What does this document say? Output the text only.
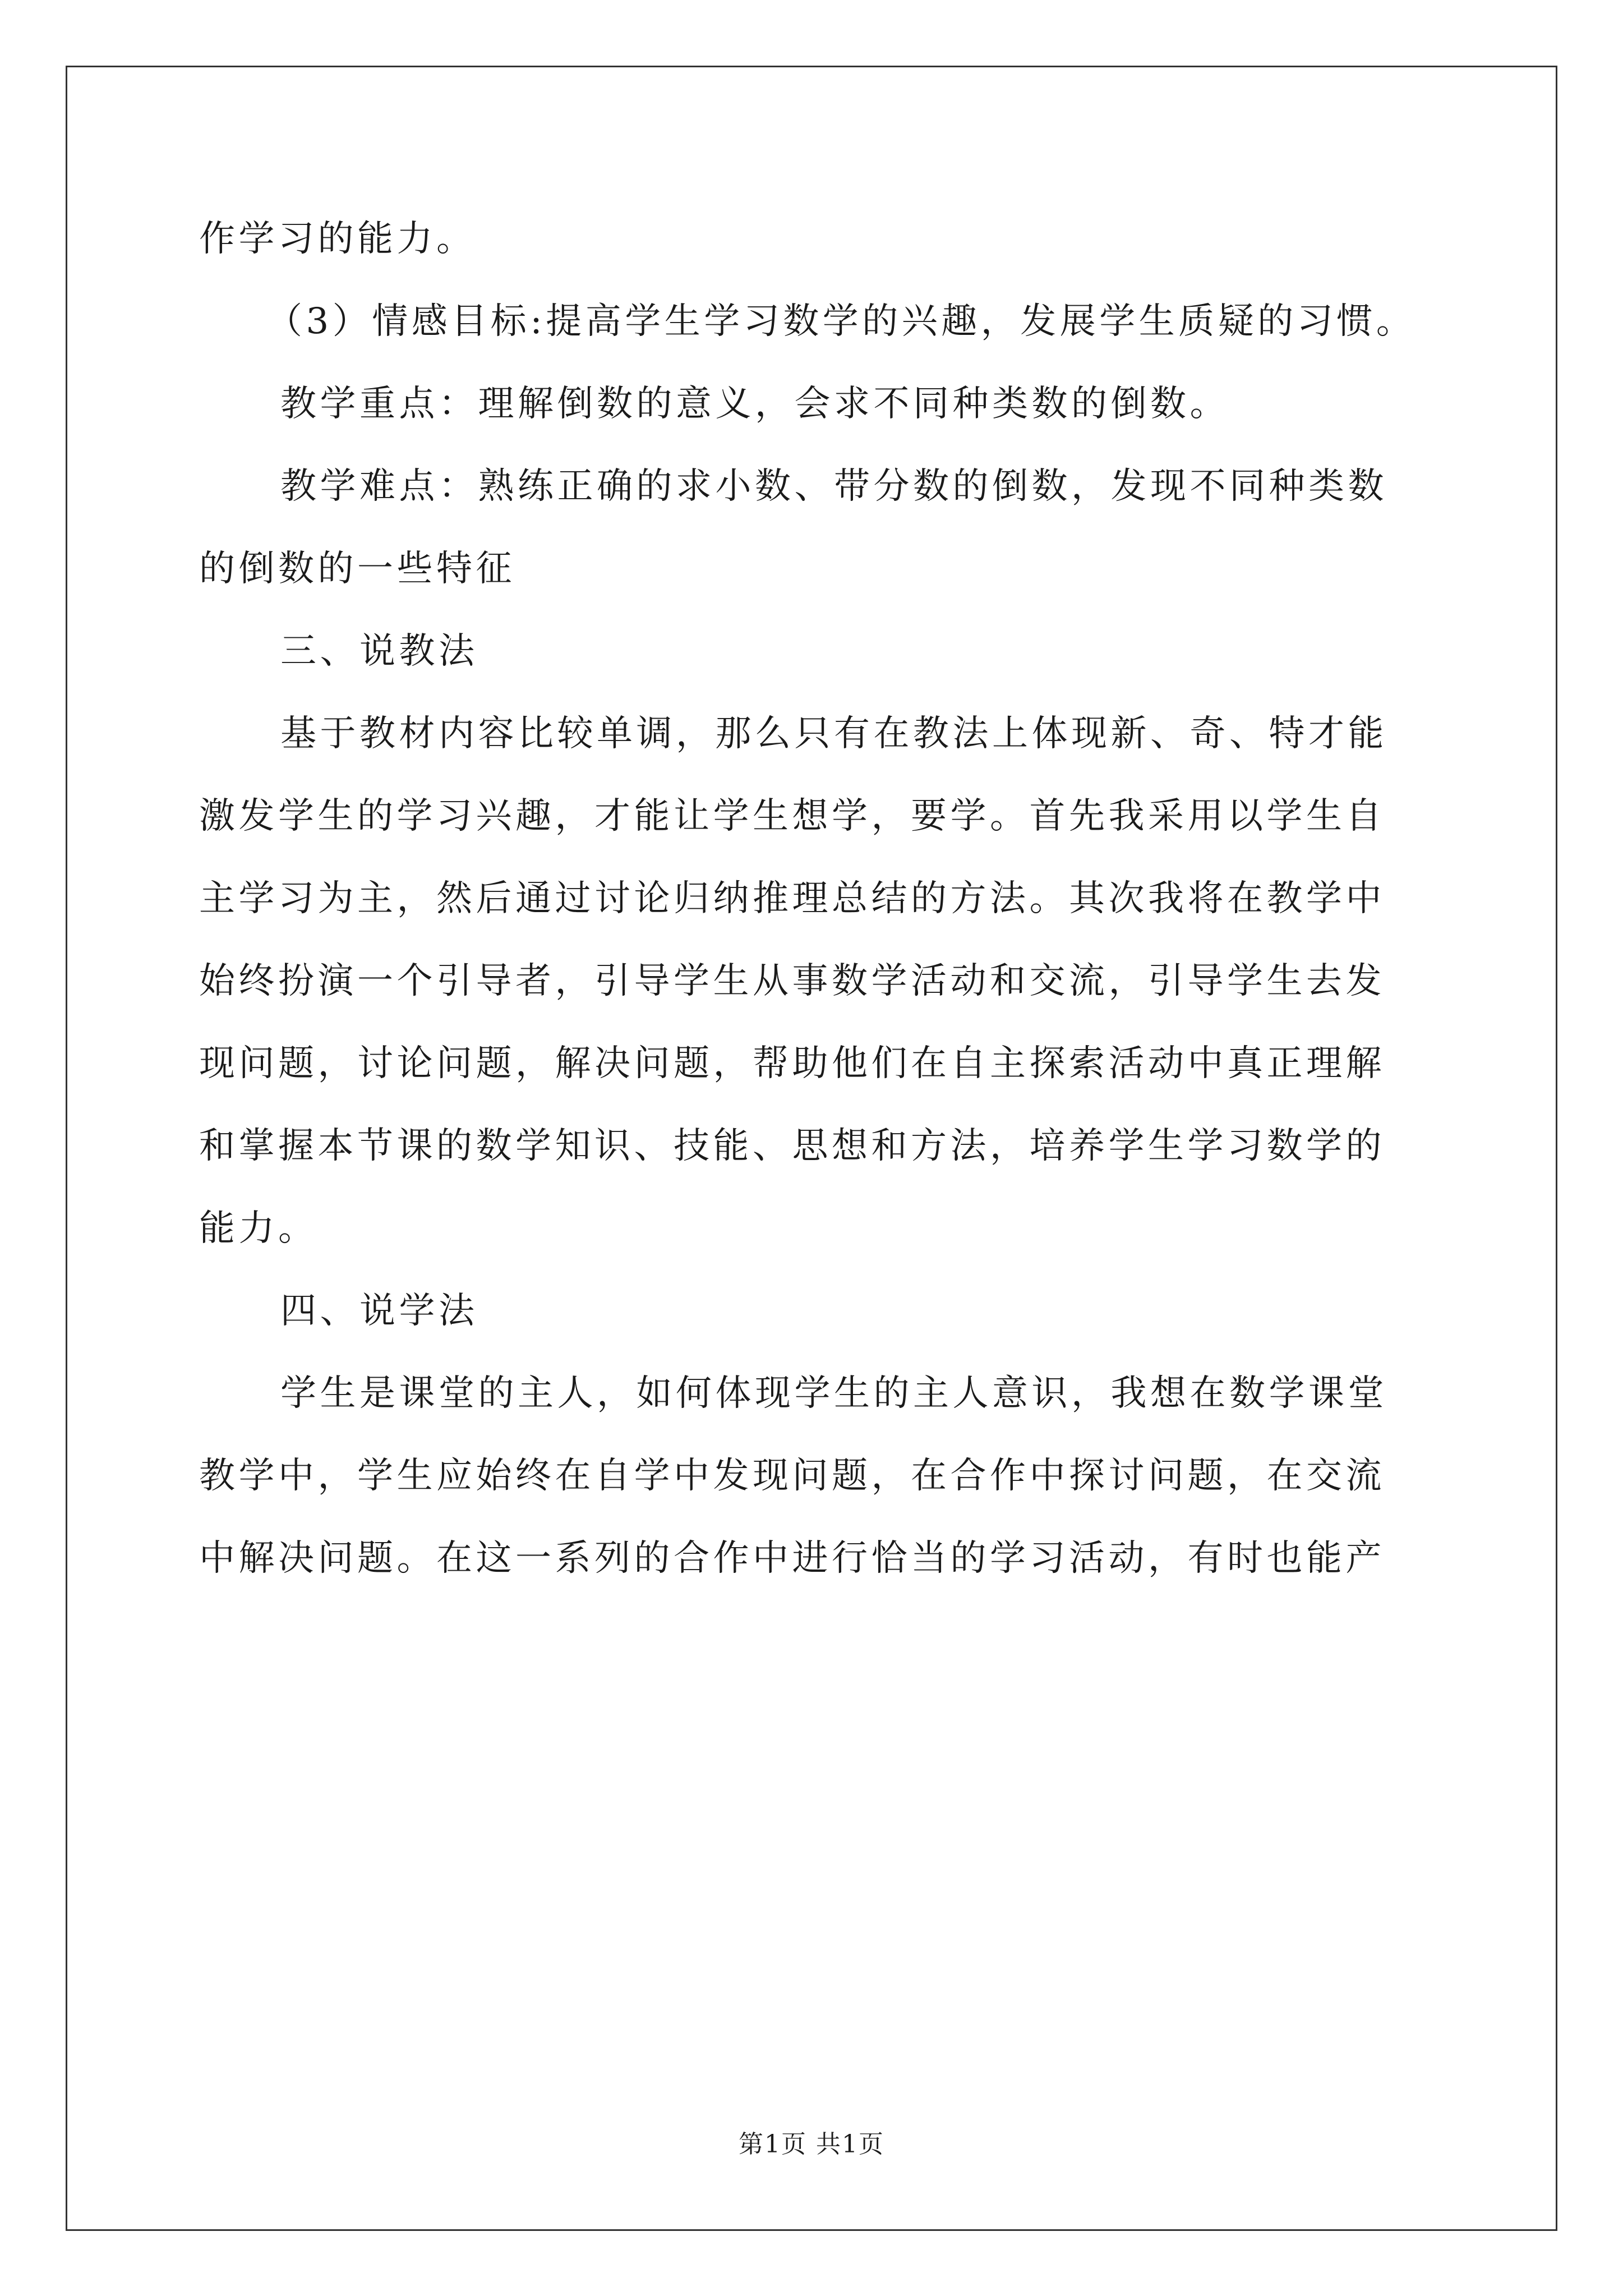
作学习的能力。
（3）情感目标:提高学生学习数学的兴趣，发展学生质疑的习惯。
教学重点：理解倒数的意义，会求不同种类数的倒数。
教学难点：熟练正确的求小数、带分数的倒数，发现不同种类数
的倒数的一些特征
三、说教法
基于教材内容比较单调，那么只有在教法上体现新、奇、特才能
激发学生的学习兴趣，才能让学生想学，要学。首先我采用以学生自
主学习为主，然后通过讨论归纳推理总结的方法。其次我将在教学中
始终扮演一个引导者，引导学生从事数学活动和交流，引导学生去发
现问题，讨论问题，解决问题，帮助他们在自主探索活动中真正理解
和掌握本节课的数学知识、技能、思想和方法，培养学生学习数学的
能力。
四、说学法
学生是课堂的主人，如何体现学生的主人意识，我想在数学课堂
教学中，学生应始终在自学中发现问题，在合作中探讨问题，在交流
中解决问题。在这一系列的合作中进行恰当的学习活动，有时也能产
第1页 共1页
